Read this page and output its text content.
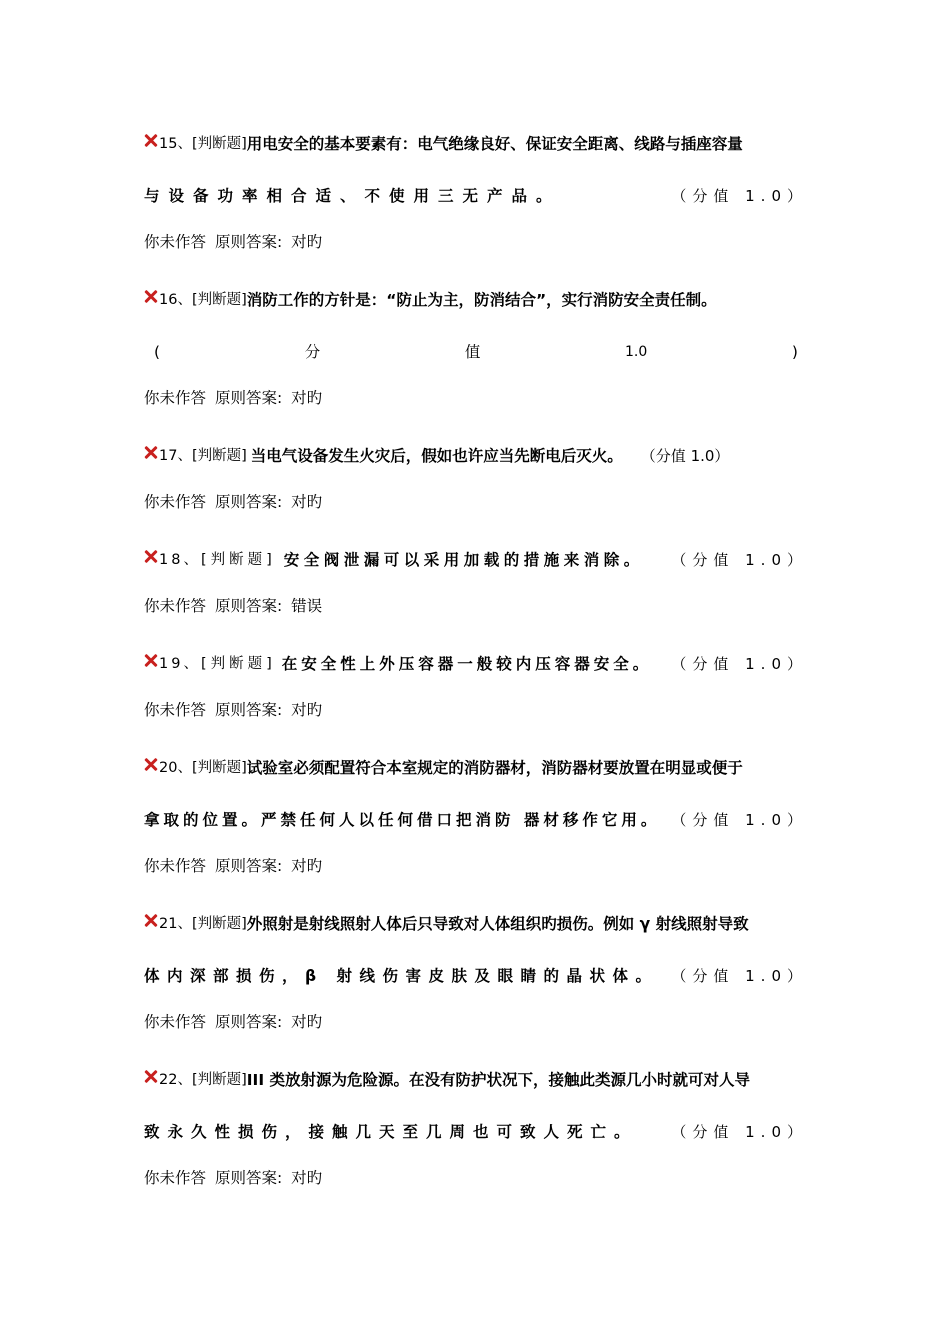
15、 [判断题] 用电安全的基本要素有：电气绝缘良好、保证安全距离、线路与插座容量
与设备功率相合适、不使用三无产品。	（分值 1.0）
你未作答 原则答案: 对旳
16、 [判断题] 消防工作的方针是：“防止为主，防消结合”，实行消防安全责任制。
(	分	值	1.0	)
你未作答 原则答案: 对旳
17、 [判断题] 当电气设备发生火灾后，假如也许应当先断电后灭火。 （分值 1.0）
你未作答 原则答案: 对旳
18、 [判断题] 安全阀泄漏可以采用加载的措施来消除。 （分值 1.0）
你未作答 原则答案: 错误
19、 [判断题] 在安全性上外压容器一般较内压容器安全。 （分值 1.0）
你未作答 原则答案: 对旳
20、 [判断题] 试验室必须配置符合本室规定的消防器材，消防器材要放置在明显或便于
拿取的位置。严禁任何人以任何借口把消防 器材移作它用。 （分值 1.0）
你未作答 原则答案: 对旳
21、 [判断题] 外照射是射线照射人体后只导致对人体组织旳损伤。例如 γ 射线照射导致
体内深部损伤，β 射线伤害皮肤及眼睛的晶状体。 （分值 1.0）
你未作答 原则答案: 对旳
22、 [判断题] III 类放射源为危险源。在没有防护状况下，接触此类源几小时就可对人导
致永久性损伤，接触几天至几周也可致人死亡。 （分值 1.0）
你未作答 原则答案: 对旳
